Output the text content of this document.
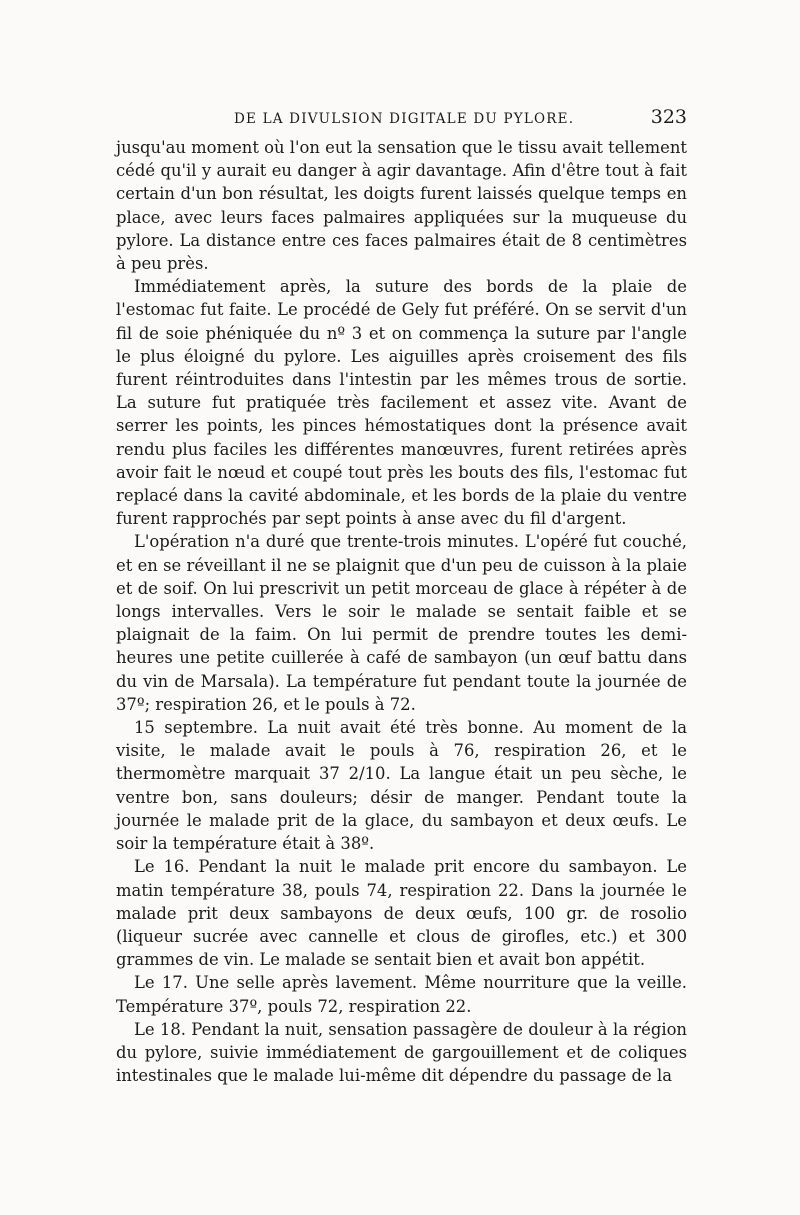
DE LA DIVULSION DIGITALE DU PYLORE.	323

jusqu'au moment où l'on eut la sensation que le tissu avait tellement cédé qu'il y aurait eu danger à agir davantage. Afin d'être tout à fait certain d'un bon résultat, les doigts furent laissés quelque temps en place, avec leurs faces palmaires appliquées sur la muqueuse du pylore. La distance entre ces faces palmaires était de 8 centimètres à peu près.

Immédiatement après, la suture des bords de la plaie de l'estomac fut faite. Le procédé de Gely fut préféré. On se servit d'un fil de soie phéniquée du nº 3 et on commença la suture par l'angle le plus éloigné du pylore. Les aiguilles après croisement des fils furent réintroduites dans l'intestin par les mêmes trous de sortie. La suture fut pratiquée très facilement et assez vite. Avant de serrer les points, les pinces hémostatiques dont la présence avait rendu plus faciles les différentes manœuvres, furent retirées après avoir fait le nœud et coupé tout près les bouts des fils, l'estomac fut replacé dans la cavité abdominale, et les bords de la plaie du ventre furent rapprochés par sept points à anse avec du fil d'argent.

L'opération n'a duré que trente-trois minutes. L'opéré fut couché, et en se réveillant il ne se plaignit que d'un peu de cuisson à la plaie et de soif. On lui prescrivit un petit morceau de glace à répéter à de longs intervalles. Vers le soir le malade se sentait faible et se plaignait de la faim. On lui permit de prendre toutes les demi-heures une petite cuillerée à café de sambayon (un œuf battu dans du vin de Marsala). La température fut pendant toute la journée de 37º; respiration 26, et le pouls à 72.

15 septembre. La nuit avait été très bonne. Au moment de la visite, le malade avait le pouls à 76, respiration 26, et le thermomètre marquait 37 2/10. La langue était un peu sèche, le ventre bon, sans douleurs; désir de manger. Pendant toute la journée le malade prit de la glace, du sambayon et deux œufs. Le soir la température était à 38º.

Le 16. Pendant la nuit le malade prit encore du sambayon. Le matin température 38, pouls 74, respiration 22. Dans la journée le malade prit deux sambayons de deux œufs, 100 gr. de rosolio (liqueur sucrée avec cannelle et clous de girofles, etc.) et 300 grammes de vin. Le malade se sentait bien et avait bon appétit.

Le 17. Une selle après lavement. Même nourriture que la veille. Température 37º, pouls 72, respiration 22.

Le 18. Pendant la nuit, sensation passagère de douleur à la région du pylore, suivie immédiatement de gargouillement et de coliques intestinales que le malade lui-même dit dépendre du passage de la
